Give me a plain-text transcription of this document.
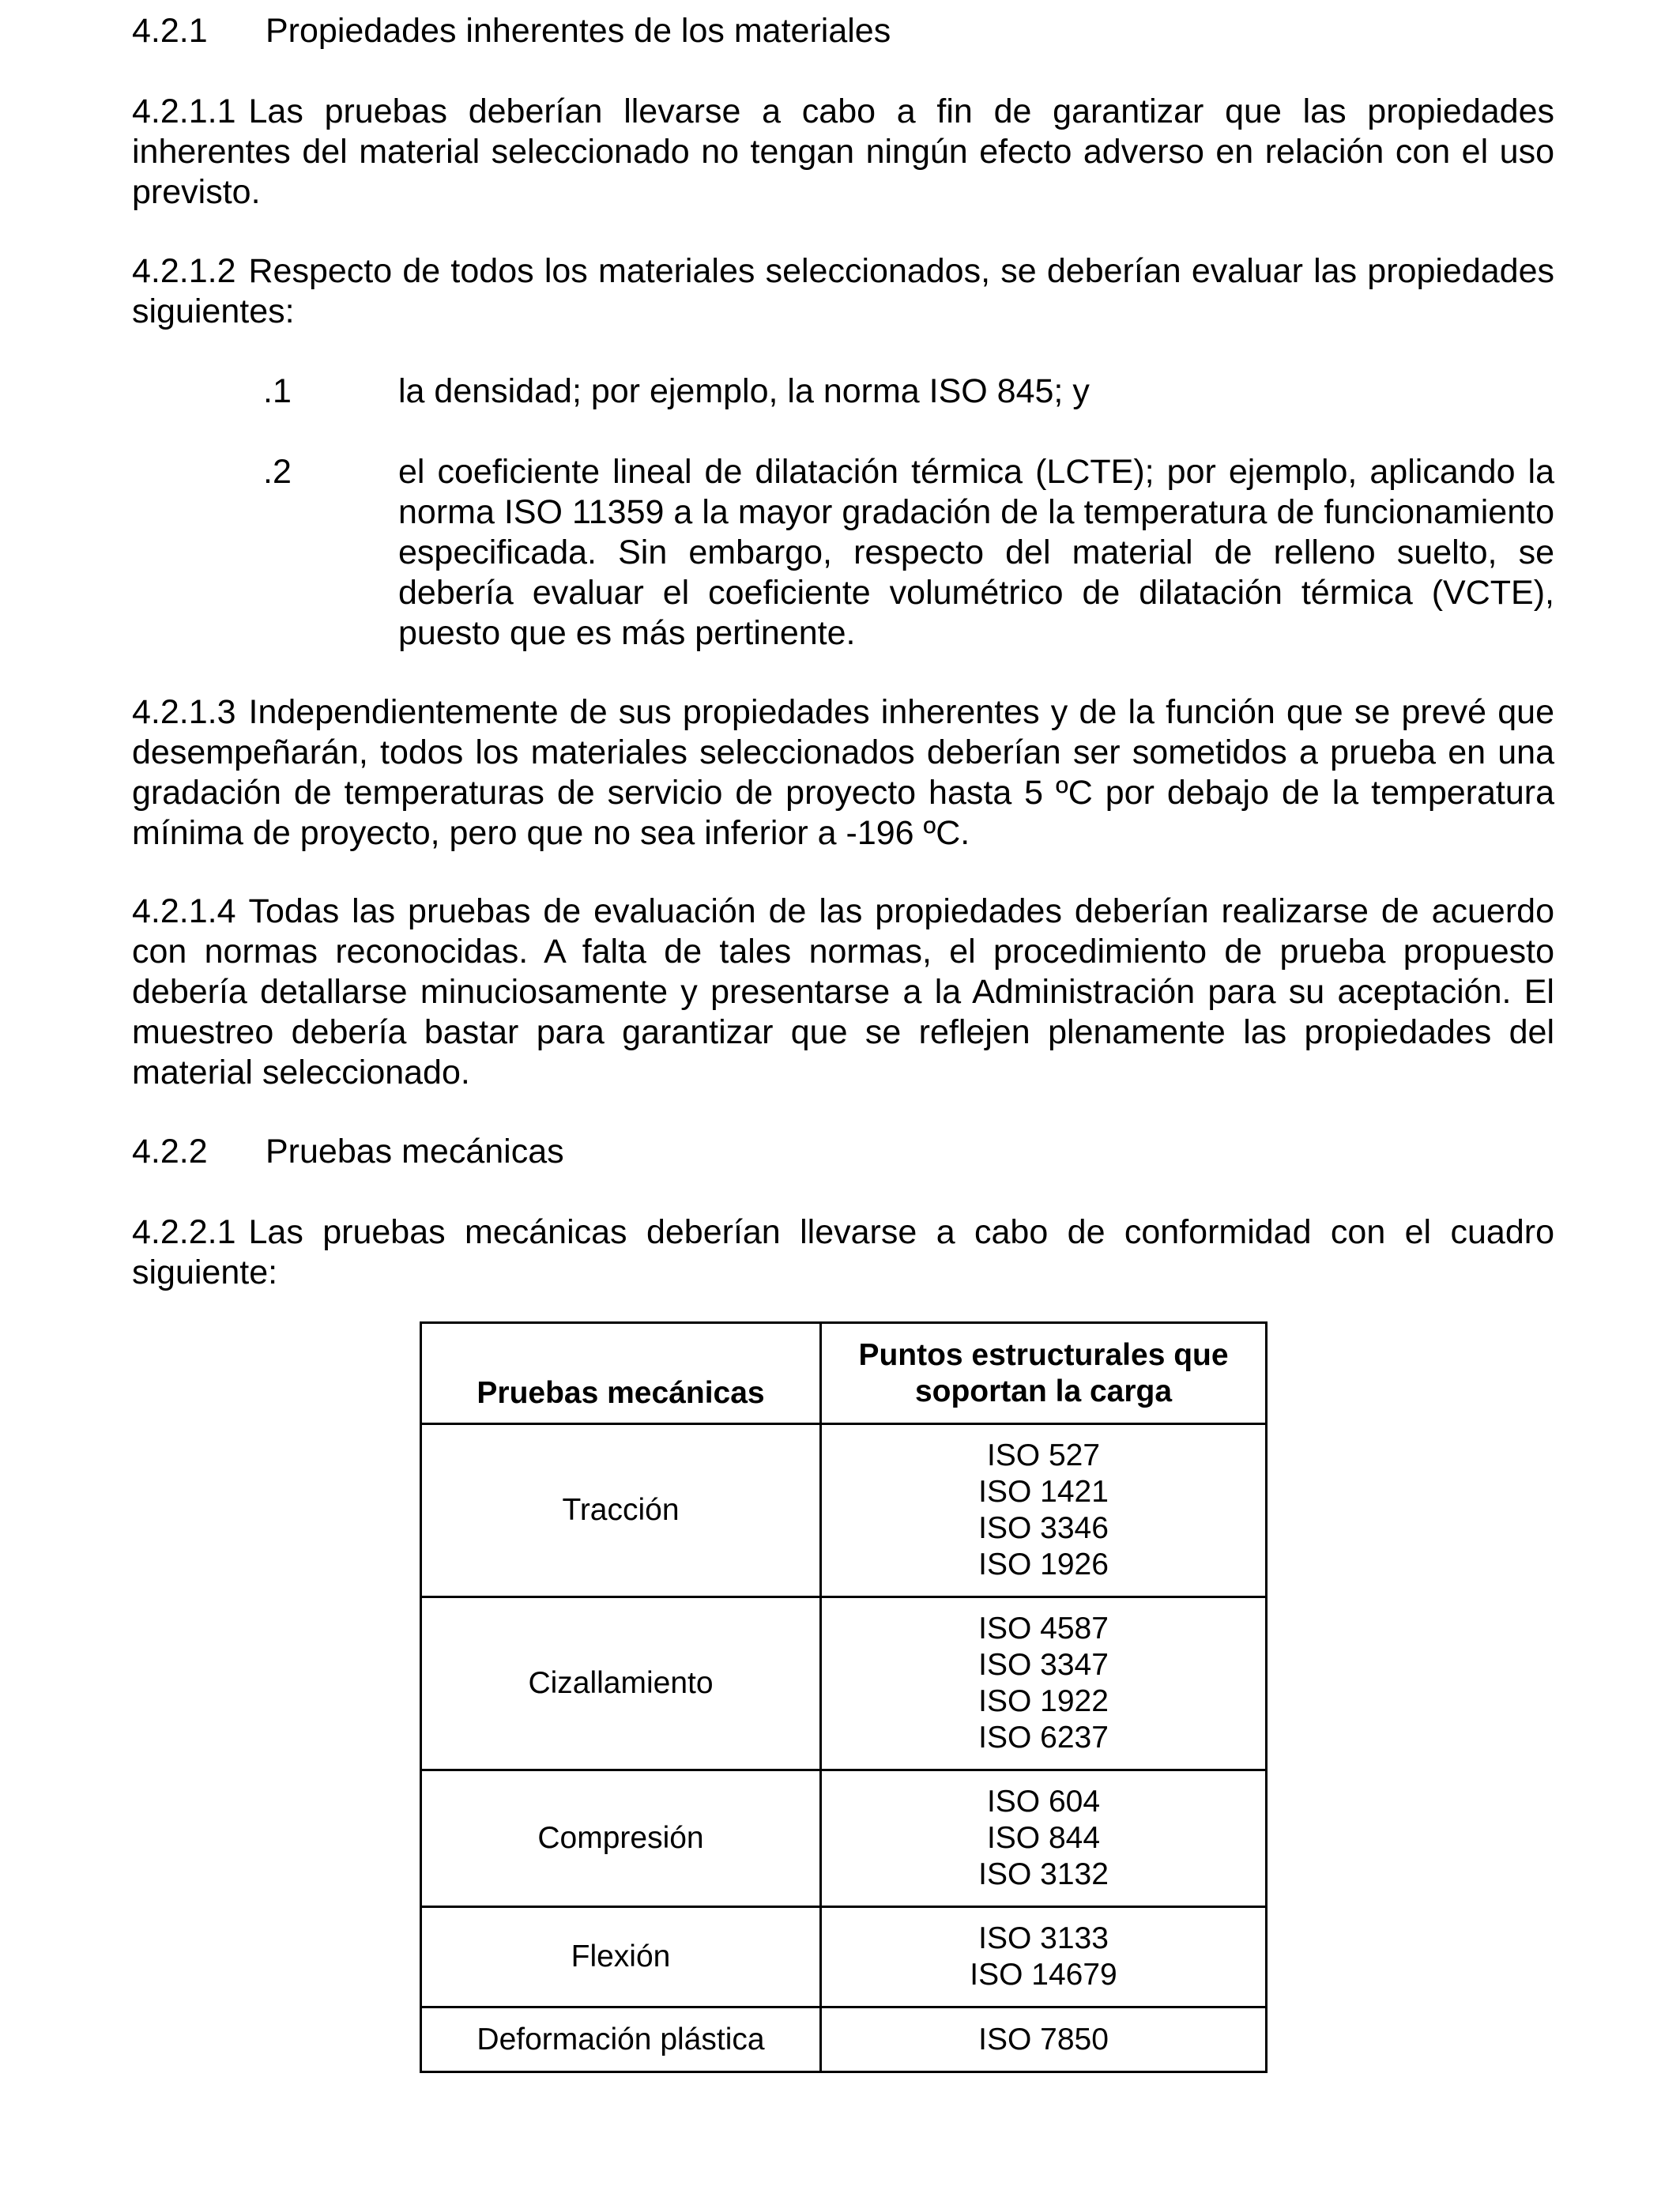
4.2.1 Propiedades inherentes de los materiales

4.2.1.1 Las pruebas deberían llevarse a cabo a fin de garantizar que las propiedades inherentes del material seleccionado no tengan ningún efecto adverso en relación con el uso previsto.

4.2.1.2 Respecto de todos los materiales seleccionados, se deberían evaluar las propiedades siguientes:

.1	la densidad; por ejemplo, la norma ISO 845; y
.2	el coeficiente lineal de dilatación térmica (LCTE); por ejemplo, aplicando la norma ISO 11359 a la mayor gradación de la temperatura de funcionamiento especificada. Sin embargo, respecto del material de relleno suelto, se debería evaluar el coeficiente volumétrico de dilatación térmica (VCTE), puesto que es más pertinente.

4.2.1.3 Independientemente de sus propiedades inherentes y de la función que se prevé que desempeñarán, todos los materiales seleccionados deberían ser sometidos a prueba en una gradación de temperaturas de servicio de proyecto hasta 5 ºC por debajo de la temperatura mínima de proyecto, pero que no sea inferior a -196 ºC.

4.2.1.4 Todas las pruebas de evaluación de las propiedades deberían realizarse de acuerdo con normas reconocidas. A falta de tales normas, el procedimiento de prueba propuesto debería detallarse minuciosamente y presentarse a la Administración para su aceptación. El muestreo debería bastar para garantizar que se reflejen plenamente las propiedades del material seleccionado.

4.2.2 Pruebas mecánicas

4.2.2.1 Las pruebas mecánicas deberían llevarse a cabo de conformidad con el cuadro siguiente:

Pruebas mecánicas	Puntos estructurales que
soportan la carga

Tracción	ISO 527
ISO 1421
ISO 3346
ISO 1926

Cizallamiento	ISO 4587
ISO 3347
ISO 1922
ISO 6237

Compresión	ISO 604
ISO 844
ISO 3132

Flexión	ISO 3133
ISO 14679

Deformación plástica	ISO 7850
